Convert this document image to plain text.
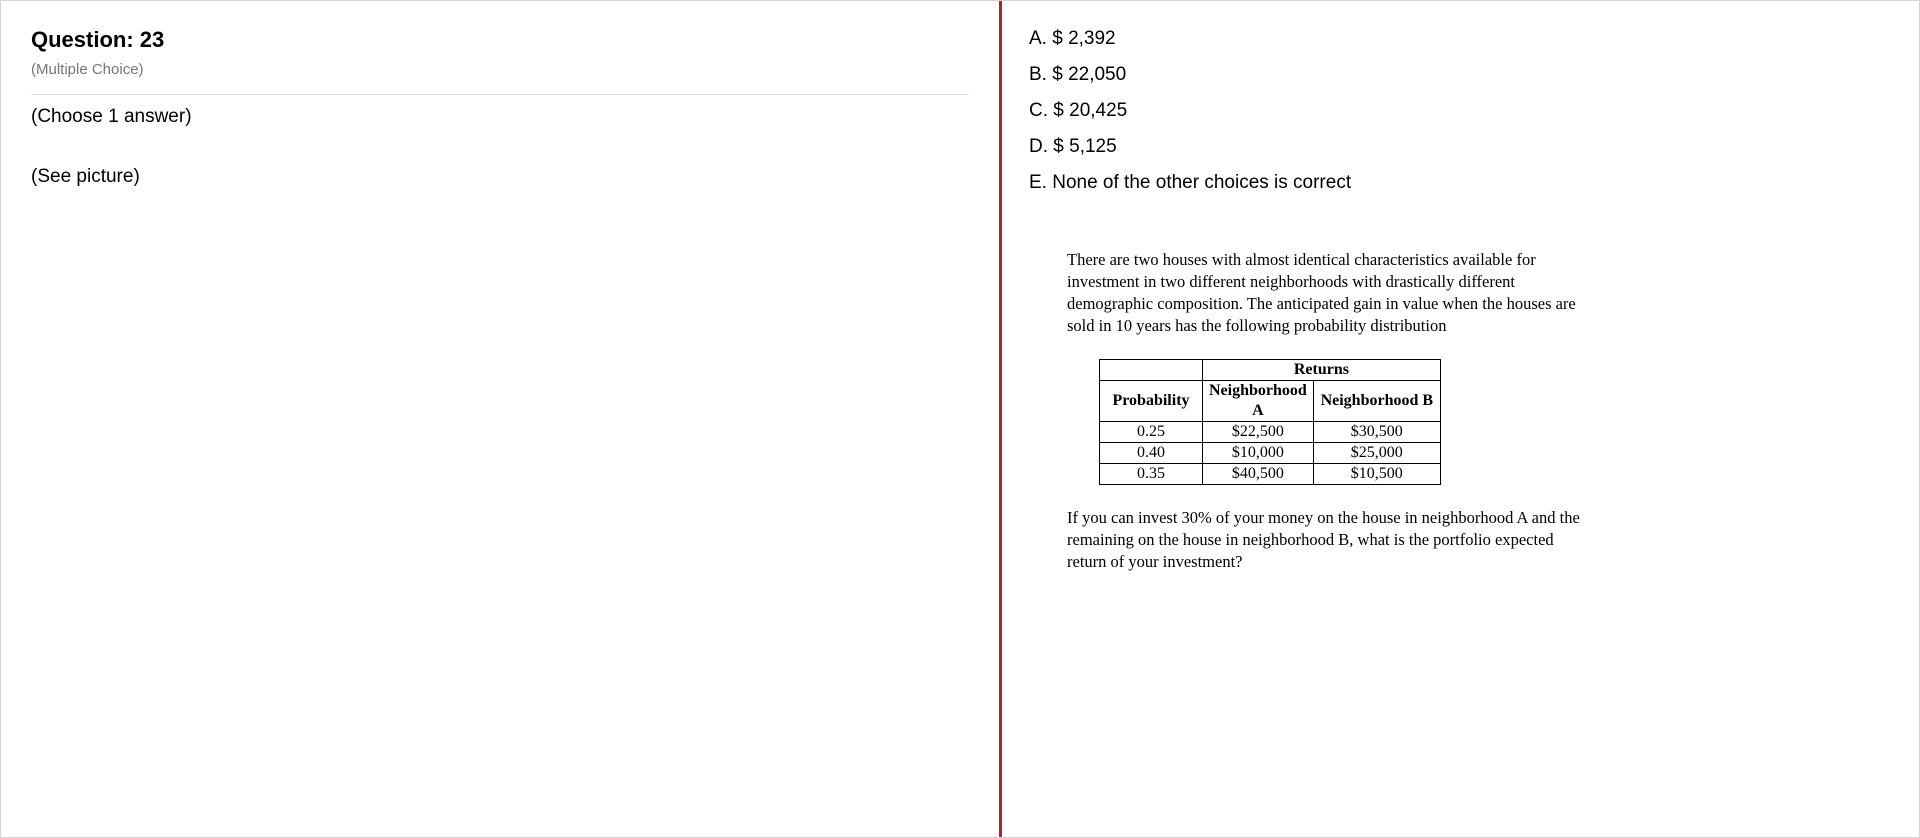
Question: 23
(Multiple Choice)
(Choose 1 answer)
(See picture)
A. $ 2,392
B. $ 22,050
C. $ 20,425
D. $ 5,125
E. None of the other choices is correct

There are two houses with almost identical characteristics available for investment in two different neighborhoods with drastically different demographic composition. The anticipated gain in value when the houses are sold in 10 years has the following probability distribution

	Returns	
Probability	Neighborhood A	Neighborhood B
0.25	$22,500	$30,500
0.40	$10,000	$25,000
0.35	$40,500	$10,500

If you can invest 30% of your money on the house in neighborhood A and the remaining on the house in neighborhood B, what is the portfolio expected return of your investment?
